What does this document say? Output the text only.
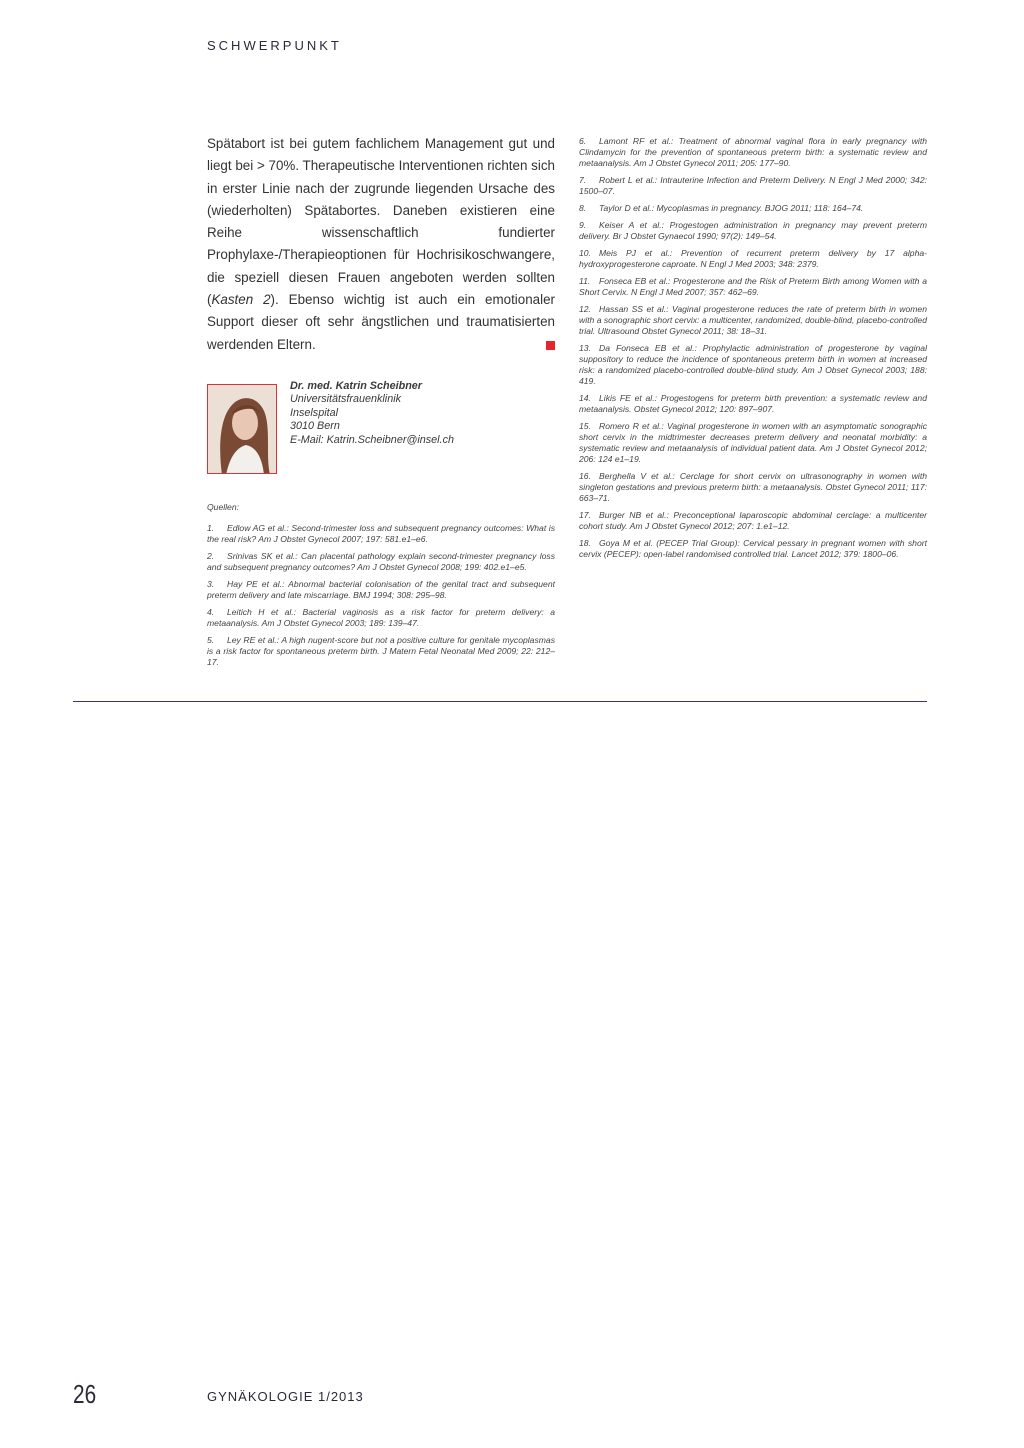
SCHWERPUNKT

Spätabort ist bei gutem fachlichem Management gut und liegt bei > 70%. Therapeutische Interventionen richten sich in erster Linie nach der zugrunde liegenden Ursache des (wiederholten) Spätabortes. Daneben existieren eine Reihe wissenschaftlich fundierter Prophylaxe-/Therapieoptionen für Hochrisikoschwangere, die speziell diesen Frauen angeboten werden sollten (Kasten 2). Ebenso wichtig ist auch ein emotionaler Support dieser oft sehr ängstlichen und traumatisierten werdenden Eltern.

Dr. med. Katrin Scheibner
Universitätsfrauenklinik
Inselspital
3010 Bern
E-Mail: Katrin.Scheibner@insel.ch

Quellen:

1. Edlow AG et al.: Second-trimester loss and subsequent pregnancy outcomes: What is the real risk? Am J Obstet Gynecol 2007; 197: 581.e1–e6.

2. Srinivas SK et al.: Can placental pathology explain second-trimester pregnancy loss and subsequent pregnancy outcomes? Am J Obstet Gynecol 2008; 199: 402.e1–e5.

3. Hay PE et al.: Abnormal bacterial colonisation of the genital tract and subsequent preterm delivery and late miscarriage. BMJ 1994; 308: 295–98.

4. Leitich H et al.: Bacterial vaginosis as a risk factor for preterm delivery: a metaanalysis. Am J Obstet Gynecol 2003; 189: 139–47.

5. Ley RE et al.: A high nugent-score but not a positive culture for genitale mycoplasmas is a risk factor for spontaneous preterm birth. J Matern Fetal Neonatal Med 2009; 22: 212–17.

6. Lamont RF et al.: Treatment of abnormal vaginal flora in early pregnancy with Clindamycin for the prevention of spontaneous preterm birth: a systematic review and metaanalysis. Am J Obstet Gynecol 2011; 205: 177–90.

7. Robert L et al.: Intrauterine Infection and Preterm Delivery. N Engl J Med 2000; 342: 1500–07.

8. Taylor D et al.: Mycoplasmas in pregnancy. BJOG 2011; 118: 164–74.

9. Keiser A et al.: Progestogen administration in pregnancy may prevent preterm delivery. Br J Obstet Gynaecol 1990; 97(2): 149–54.

10. Meis PJ et al.: Prevention of recurrent preterm delivery by 17 alpha-hydroxyprogesterone caproate. N Engl J Med 2003; 348: 2379.

11. Fonseca EB et al.: Progesterone and the Risk of Preterm Birth among Women with a Short Cervix. N Engl J Med 2007; 357: 462–69.

12. Hassan SS et al.: Vaginal progesterone reduces the rate of preterm birth in women with a sonographic short cervix: a multicenter, randomized, double-blind, placebo-controlled trial. Ultrasound Obstet Gynecol 2011; 38: 18–31.

13. Da Fonseca EB et al.: Prophylactic administration of progesterone by vaginal suppository to reduce the incidence of spontaneous preterm birth in women at increased risk: a randomized placebo-controlled double-blind study. Am J Obset Gynecol 2003; 188: 419.

14. Likis FE et al.: Progestogens for preterm birth prevention: a systematic review and metaanalysis. Obstet Gynecol 2012; 120: 897–907.

15. Romero R et al.: Vaginal progesterone in women with an asymptomatic sonographic short cervix in the midtrimester decreases preterm delivery and neonatal morbidity: a systematic review and metaanalysis of individual patient data. Am J Obstet Gynecol 2012; 206: 124 e1–19.

16. Berghella V et al.: Cerclage for short cervix on ultrasonography in women with singleton gestations and previous preterm birth: a metaanalysis. Obstet Gynecol 2011; 117: 663–71.

17. Burger NB et al.: Preconceptional laparoscopic abdominal cerclage: a multicenter cohort study. Am J Obstet Gynecol 2012; 207: 1.e1–12.

18. Goya M et al. (PECEP Trial Group): Cervical pessary in pregnant women with short cervix (PECEP): open-label randomised controlled trial. Lancet 2012; 379: 1800–06.

26	GYNÄKOLOGIE 1/2013
